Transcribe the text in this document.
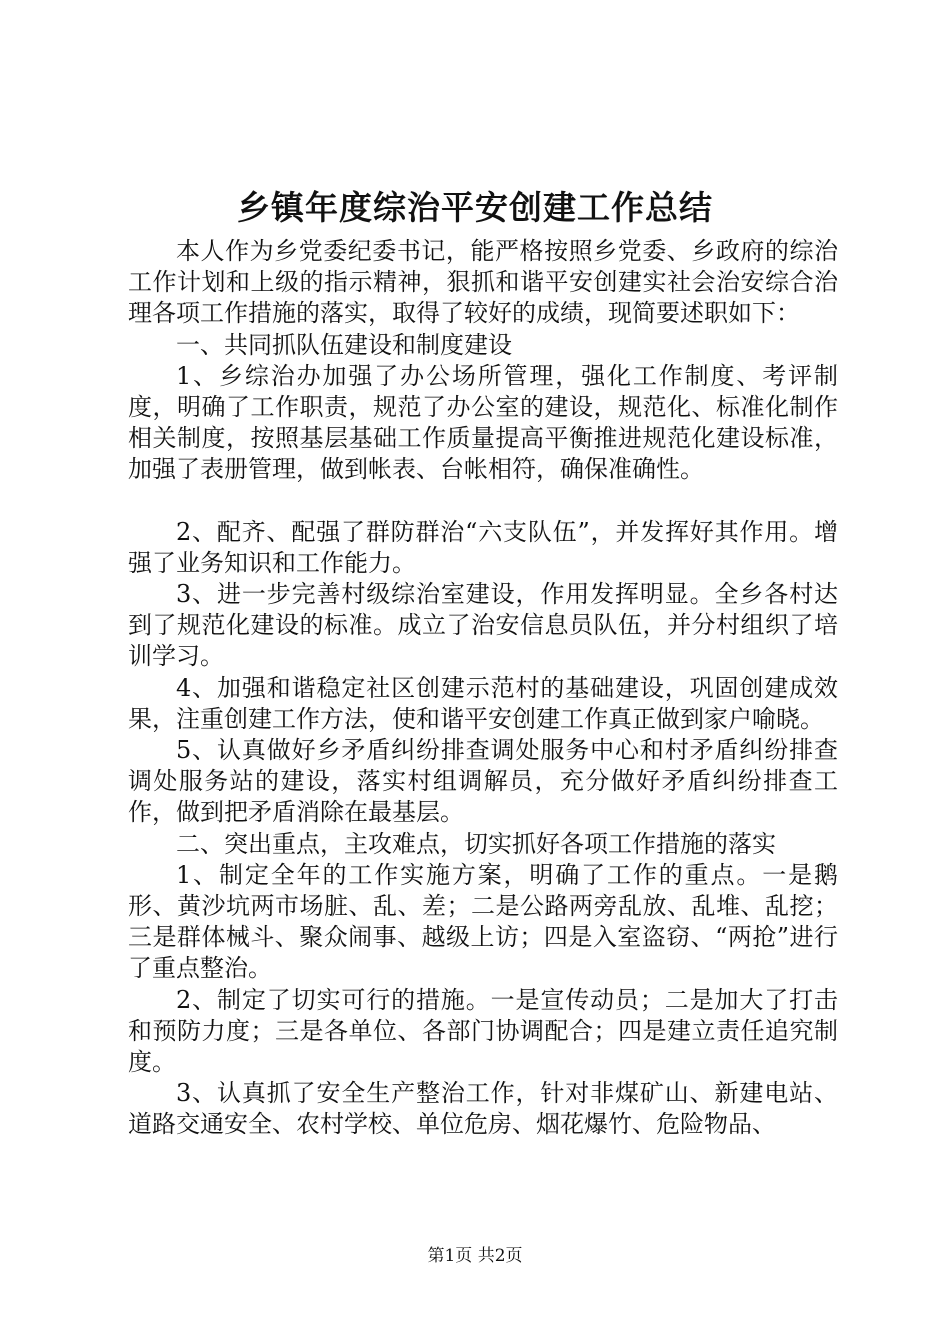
乡镇年度综治平安创建工作总结

本人作为乡党委纪委书记，能严格按照乡党委、乡政府的综治工作计划和上级的指示精神，狠抓和谐平安创建实社会治安综合治理各项工作措施的落实，取得了较好的成绩，现简要述职如下：

一、共同抓队伍建设和制度建设

1、乡综治办加强了办公场所管理，强化工作制度、考评制度，明确了工作职责，规范了办公室的建设，规范化、标准化制作相关制度，按照基层基础工作质量提高平衡推进规范化建设标准，加强了表册管理，做到帐表、台帐相符，确保准确性。

2、配齐、配强了群防群治“六支队伍”，并发挥好其作用。增强了业务知识和工作能力。

3、进一步完善村级综治室建设，作用发挥明显。全乡各村达到了规范化建设的标准。成立了治安信息员队伍，并分村组织了培训学习。

4、加强和谐稳定社区创建示范村的基础建设，巩固创建成效果，注重创建工作方法，使和谐平安创建工作真正做到家户喻晓。

5、认真做好乡矛盾纠纷排查调处服务中心和村矛盾纠纷排查调处服务站的建设，落实村组调解员，充分做好矛盾纠纷排查工作，做到把矛盾消除在最基层。

二、突出重点，主攻难点，切实抓好各项工作措施的落实

1、制定全年的工作实施方案，明确了工作的重点。一是鹅形、黄沙坑两市场脏、乱、差；二是公路两旁乱放、乱堆、乱挖；三是群体械斗、聚众闹事、越级上访；四是入室盗窃、“两抢”进行了重点整治。

2、制定了切实可行的措施。一是宣传动员；二是加大了打击和预防力度；三是各单位、各部门协调配合；四是建立责任追究制度。

3、认真抓了安全生产整治工作，针对非煤矿山、新建电站、道路交通安全、农村学校、单位危房、烟花爆竹、危险物品、

第1页 共2页
